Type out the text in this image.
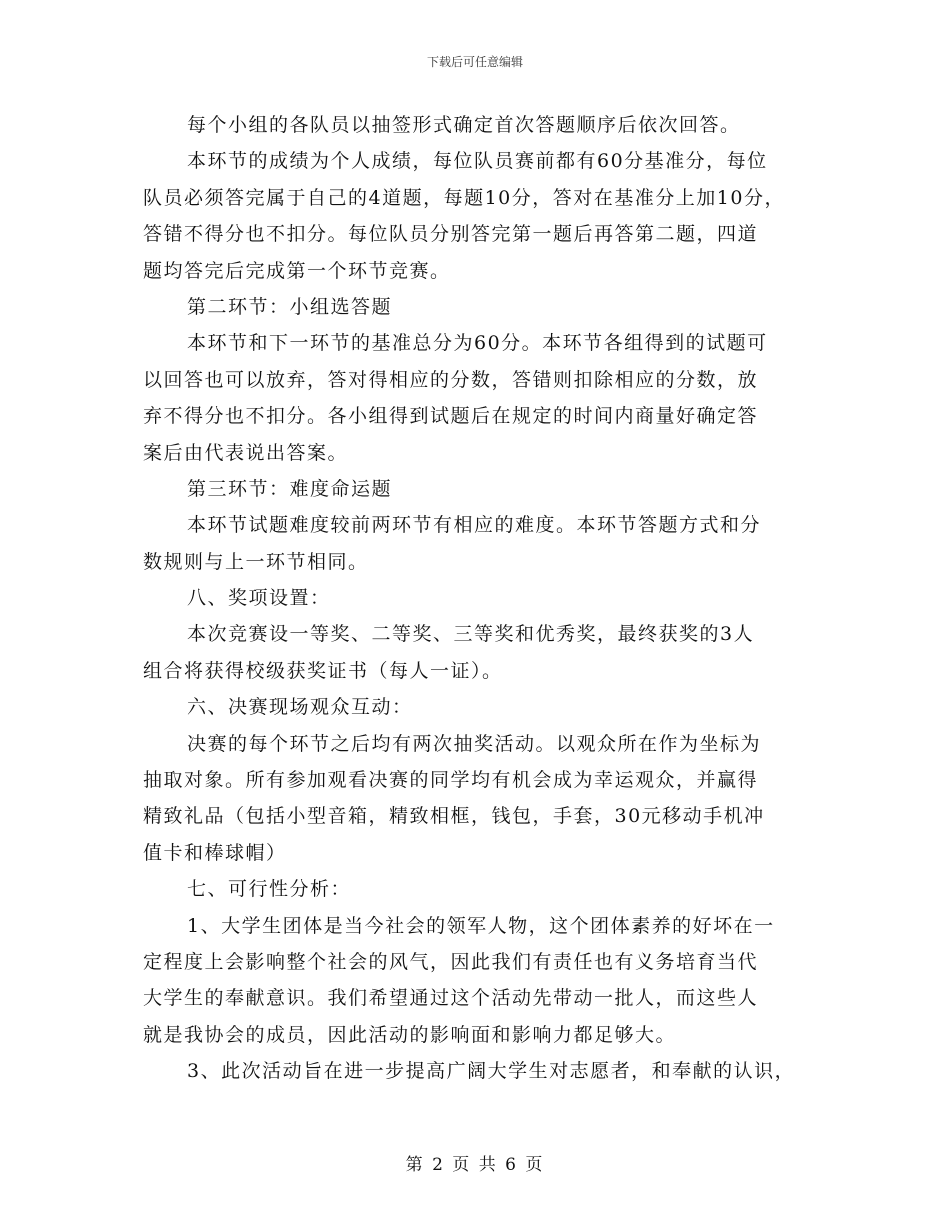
下载后可任意编辑
每个小组的各队员以抽签形式确定首次答题顺序后依次回答。
本环节的成绩为个人成绩，每位队员赛前都有60分基准分，每位
队员必须答完属于自己的4道题，每题10分，答对在基准分上加10分，
答错不得分也不扣分。每位队员分别答完第一题后再答第二题，四道
题均答完后完成第一个环节竞赛。
第二环节：小组选答题
本环节和下一环节的基准总分为60分。本环节各组得到的试题可
以回答也可以放弃，答对得相应的分数，答错则扣除相应的分数，放
弃不得分也不扣分。各小组得到试题后在规定的时间内商量好确定答
案后由代表说出答案。
第三环节：难度命运题
本环节试题难度较前两环节有相应的难度。本环节答题方式和分
数规则与上一环节相同。
八、奖项设置：
本次竞赛设一等奖、二等奖、三等奖和优秀奖，最终获奖的3人
组合将获得校级获奖证书（每人一证）。
六、决赛现场观众互动：
决赛的每个环节之后均有两次抽奖活动。以观众所在作为坐标为
抽取对象。所有参加观看决赛的同学均有机会成为幸运观众，并赢得
精致礼品（包括小型音箱，精致相框，钱包，手套，30元移动手机冲
值卡和棒球帽）
七、可行性分析：
1、大学生团体是当今社会的领军人物，这个团体素养的好坏在一
定程度上会影响整个社会的风气，因此我们有责任也有义务培育当代
大学生的奉献意识。我们希望通过这个活动先带动一批人，而这些人
就是我协会的成员，因此活动的影响面和影响力都足够大。
3、此次活动旨在进一步提高广阔大学生对志愿者，和奉献的认识，
第 2 页 共 6 页
